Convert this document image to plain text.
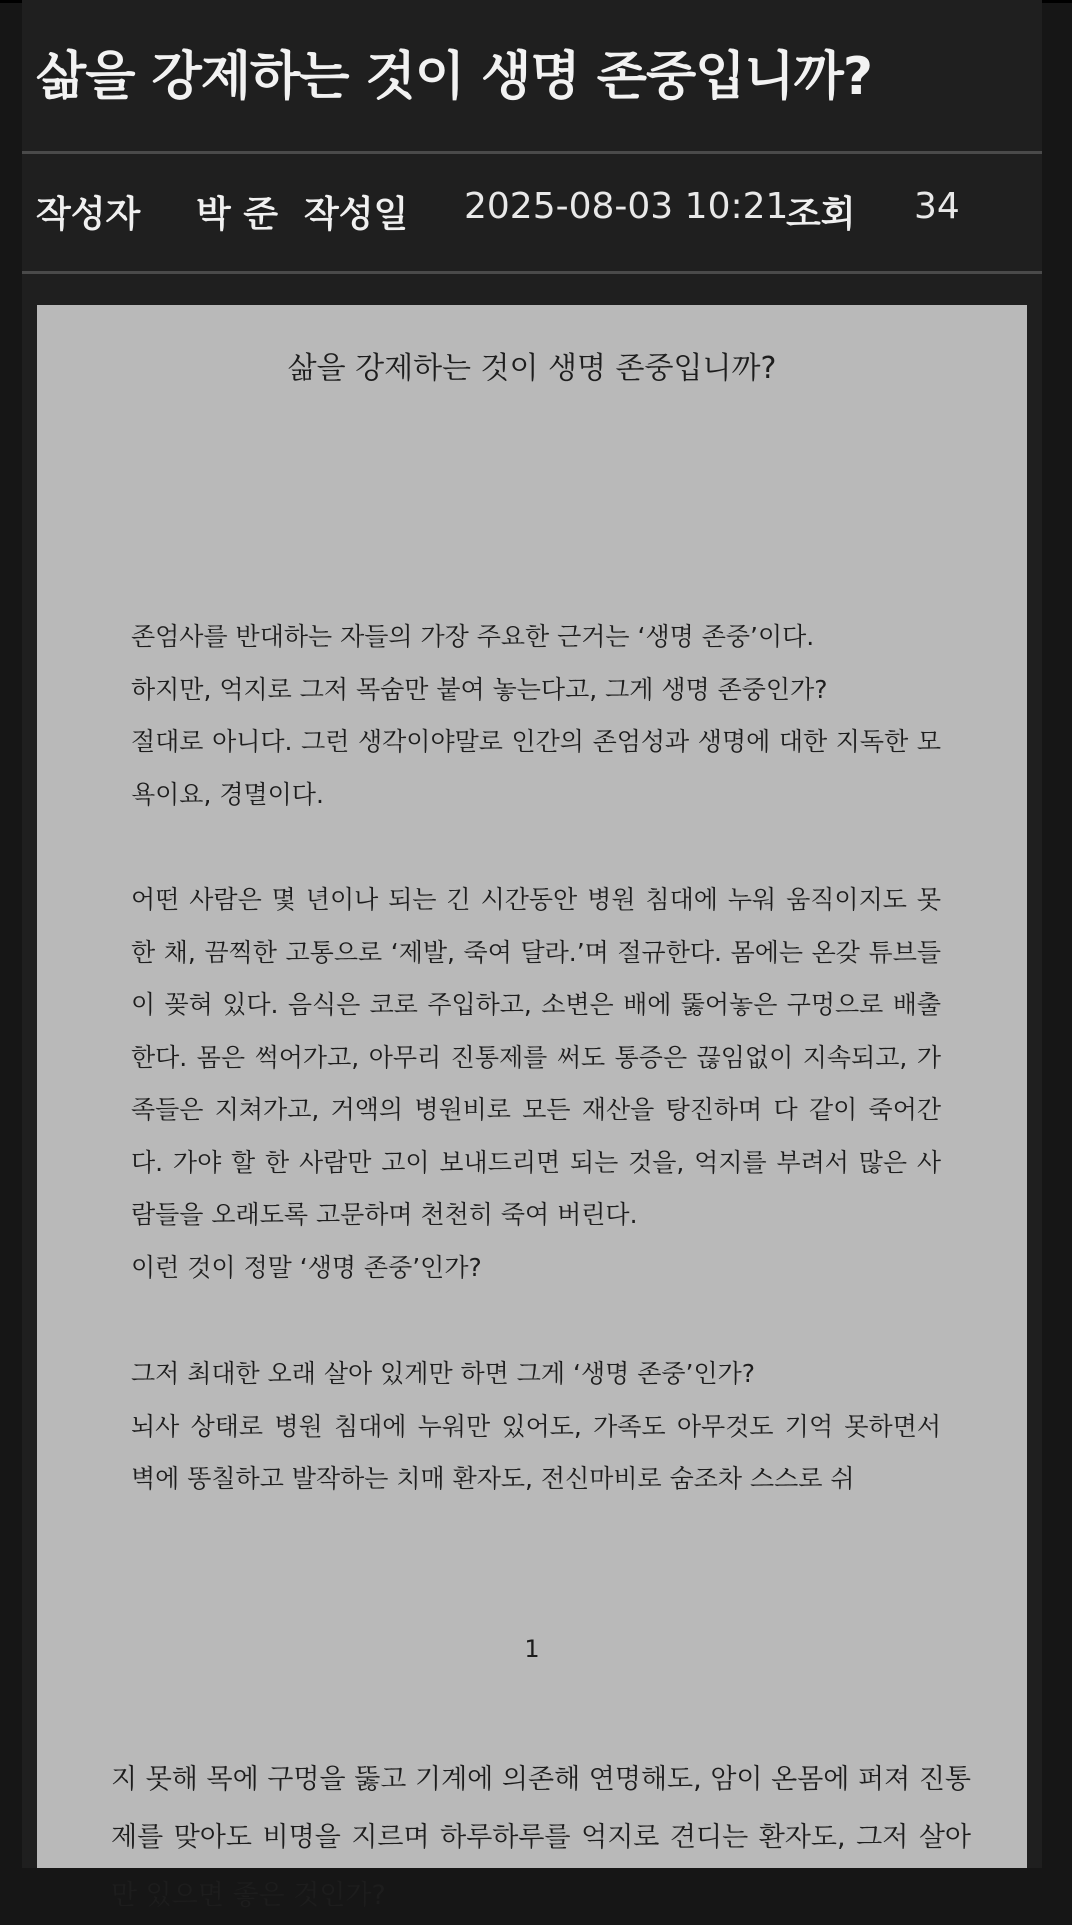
삶을 강제하는 것이 생명 존중입니까?
작성자 박 준 작성일 2025-08-03 10:21
조회 34
삶을 강제하는 것이 생명 존중입니까?

존엄사를 반대하는 자들의 가장 주요한 근거는 ‘생명 존중’이다.
하지만, 억지로 그저 목숨만 붙여 놓는다고, 그게 생명 존중인가?
절대로 아니다. 그런 생각이야말로 인간의 존엄성과 생명에 대한 지독한 모욕이요, 경멸이다.

어떤 사람은 몇 년이나 되는 긴 시간동안 병원 침대에 누워 움직이지도 못한 채, 끔찍한 고통으로 ‘제발, 죽여 달라.’며 절규한다. 몸에는 온갖 튜브들이 꽂혀 있다. 음식은 코로 주입하고, 소변은 배에 뚫어놓은 구멍으로 배출한다. 몸은 썩어가고, 아무리 진통제를 써도 통증은 끊임없이 지속되고, 가족들은 지쳐가고, 거액의 병원비로 모든 재산을 탕진하며 다 같이 죽어간다. 가야 할 한 사람만 고이 보내드리면 되는 것을, 억지를 부려서 많은 사람들을 오래도록 고문하며 천천히 죽여 버린다.
이런 것이 정말 ‘생명 존중’인가?

그저 최대한 오래 살아 있게만 하면 그게 ‘생명 존중’인가?
뇌사 상태로 병원 침대에 누워만 있어도, 가족도 아무것도 기억 못하면서 벽에 똥칠하고 발작하는 치매 환자도, 전신마비로 숨조차 스스로 쉬

1

지 못해 목에 구멍을 뚫고 기계에 의존해 연명해도, 암이 온몸에 퍼져 진통제를 맞아도 비명을 지르며 하루하루를 억지로 견디는 환자도, 그저 살아만 있으면 좋은 것인가?
